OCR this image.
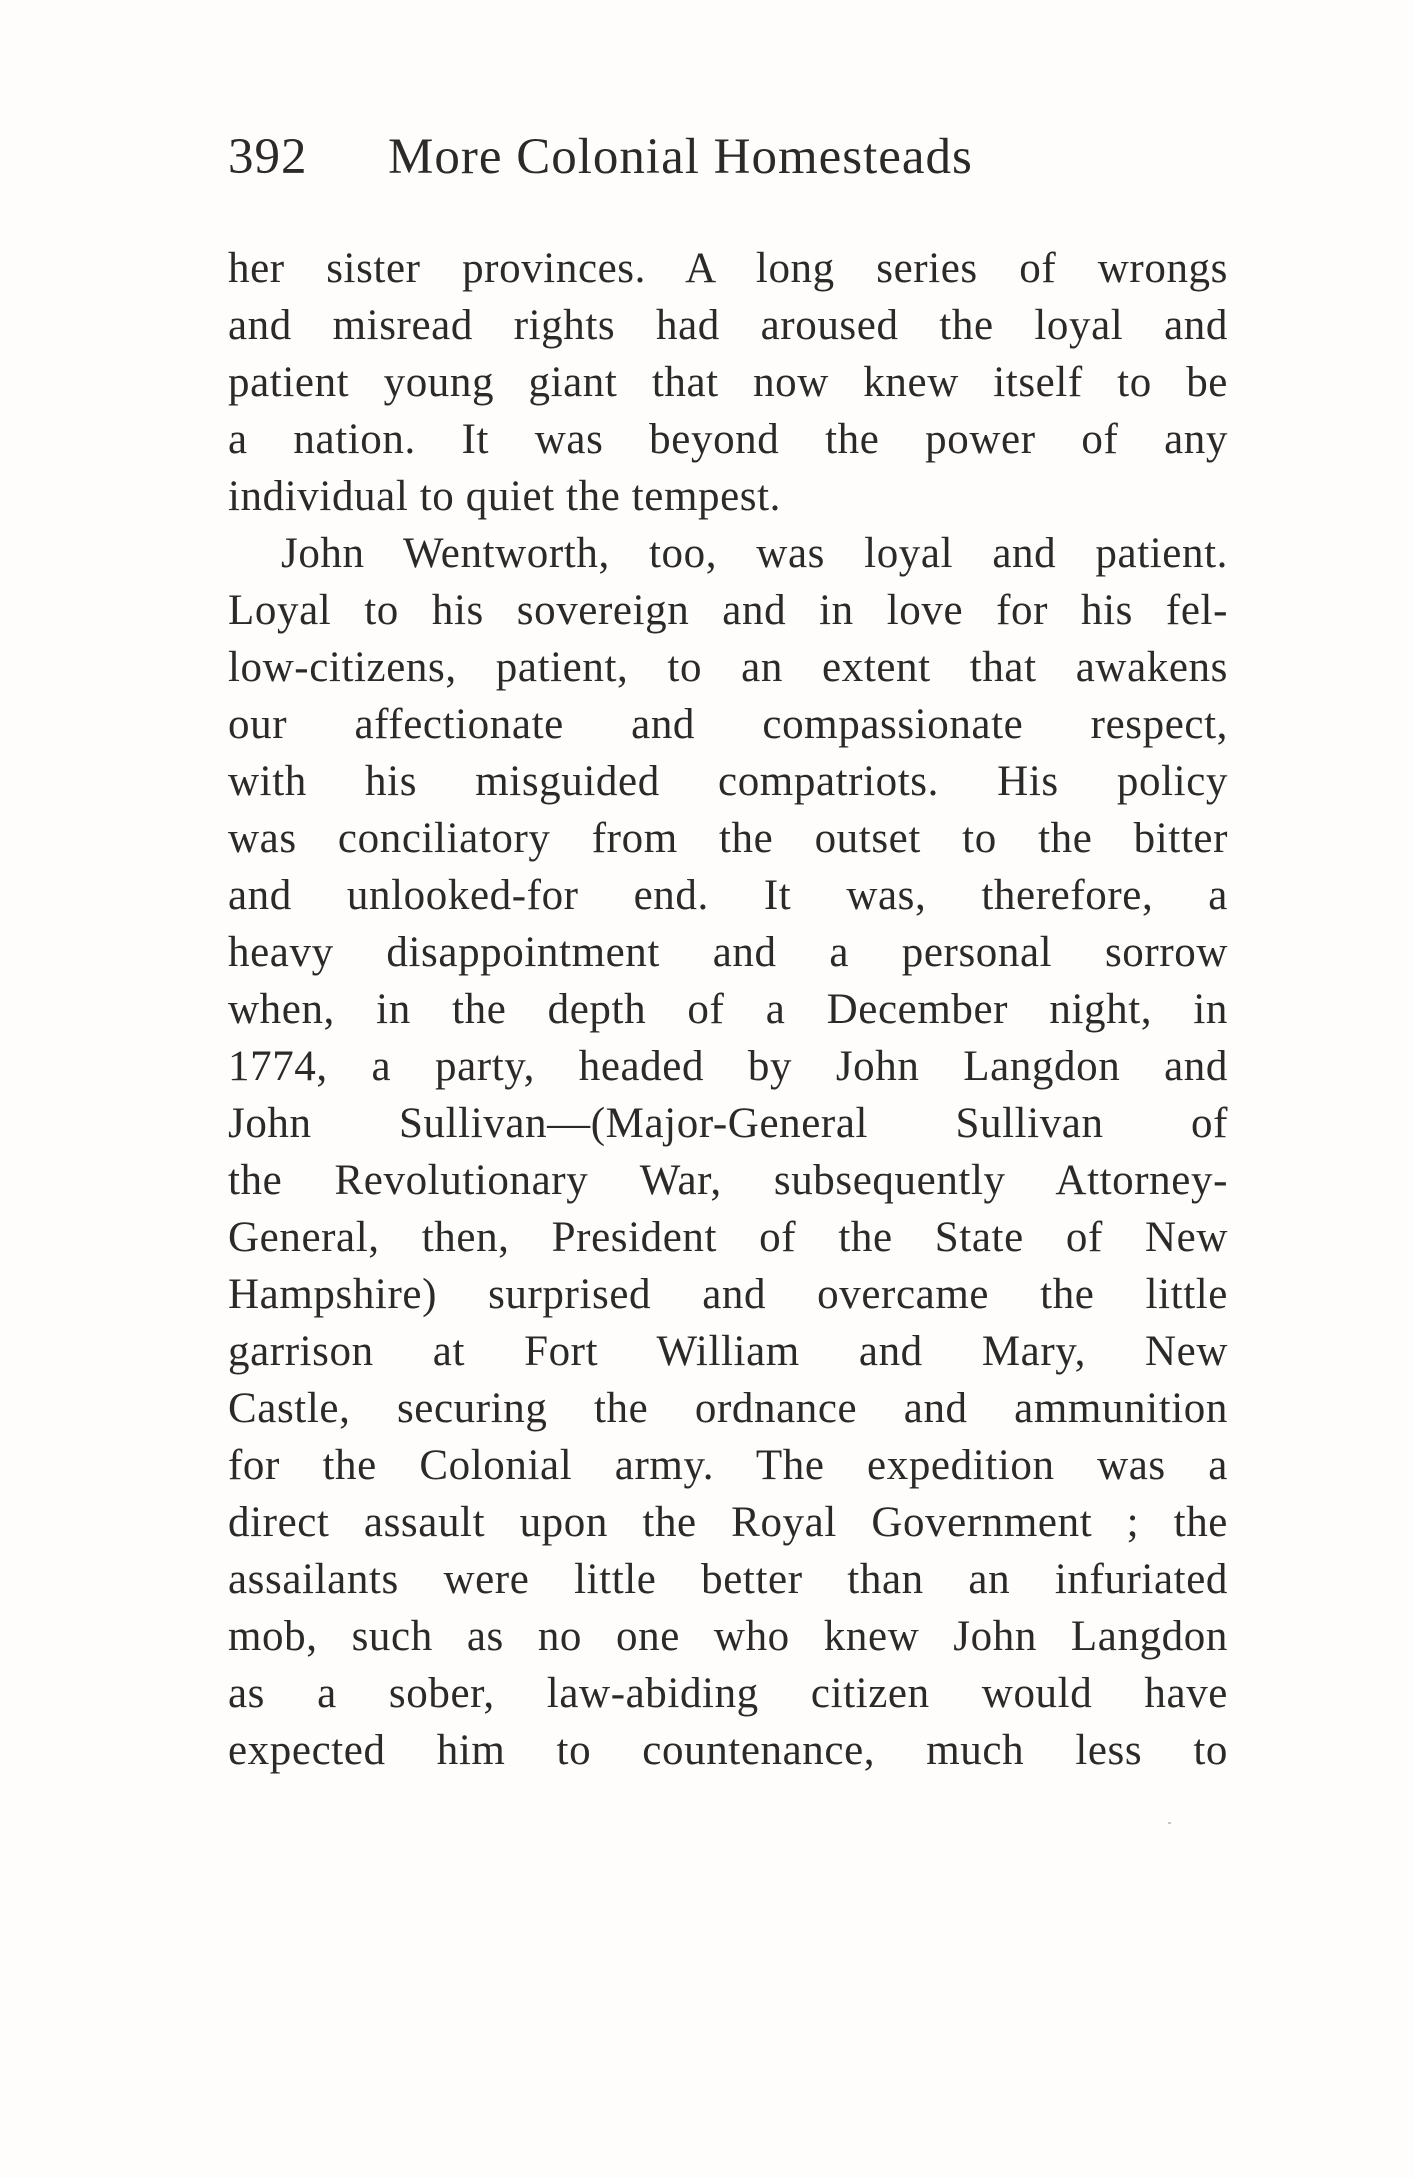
392 More Colonial Homesteads
her sister provinces. A long series of wrongs
and misread rights had aroused the loyal and
patient young giant that now knew itself to be
a nation. It was beyond the power of any
individual to quiet the tempest.
John Wentworth, too, was loyal and patient.
Loyal to his sovereign and in love for his fel-
low-citizens, patient, to an extent that awakens
our affectionate and compassionate respect,
with his misguided compatriots. His policy
was conciliatory from the outset to the bitter
and unlooked-for end. It was, therefore, a
heavy disappointment and a personal sorrow
when, in the depth of a December night, in
1774, a party, headed by John Langdon and
John Sullivan—(Major-General Sullivan of
the Revolutionary War, subsequently Attorney-
General, then, President of the State of New
Hampshire) surprised and overcame the little
garrison at Fort William and Mary, New
Castle, securing the ordnance and ammunition
for the Colonial army. The expedition was a
direct assault upon the Royal Government ; the
assailants were little better than an infuriated
mob, such as no one who knew John Langdon
as a sober, law-abiding citizen would have
expected him to countenance, much less to
